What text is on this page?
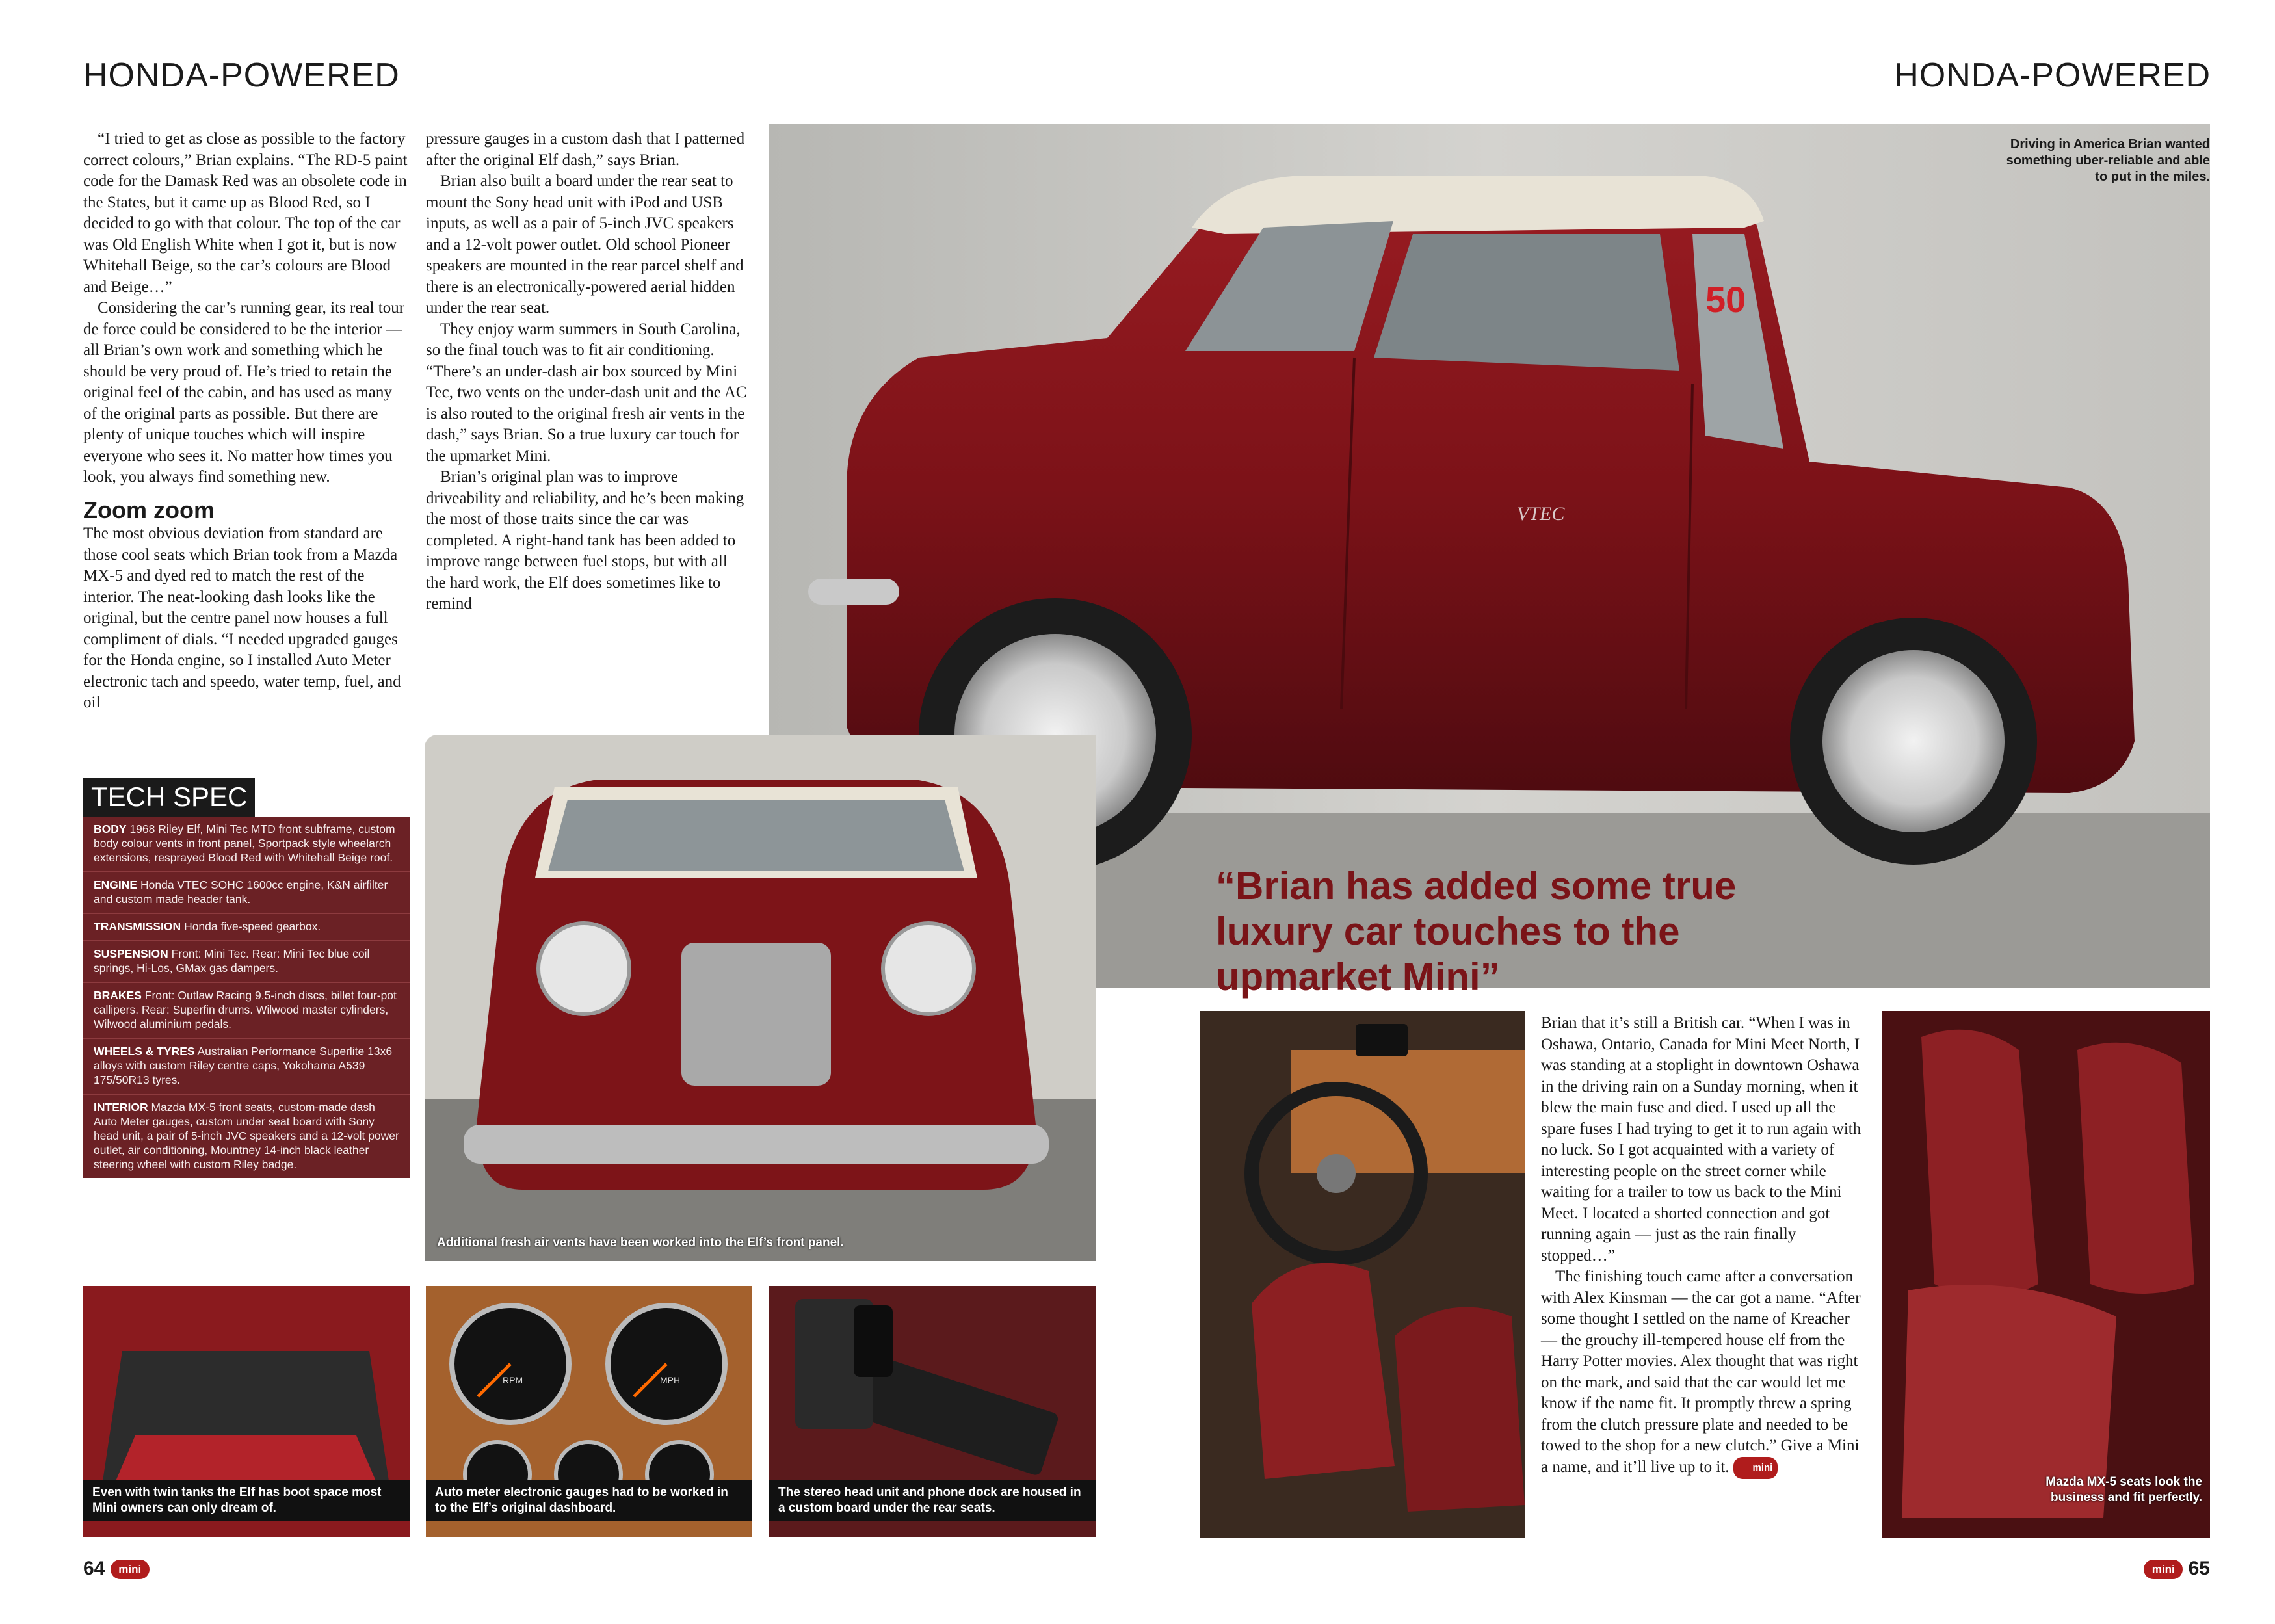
HONDA-POWERED	HONDA-POWERED

“I tried to get as close as possible to the factory correct colours,” Brian explains. “The RD-5 paint code for the Damask Red was an obsolete code in the States, but it came up as Blood Red, so I decided to go with that colour. The top of the car was Old English White when I got it, but is now Whitehall Beige, so the car’s colours are Blood and Beige…”

Considering the car’s running gear, its real tour de force could be considered to be the interior — all Brian’s own work and something which he should be very proud of. He’s tried to retain the original feel of the cabin, and has used as many of the original parts as possible. But there are plenty of unique touches which will inspire everyone who sees it. No matter how times you look, you always find something new.

Zoom zoom

The most obvious deviation from standard are those cool seats which Brian took from a Mazda MX-5 and dyed red to match the rest of the interior. The neat-looking dash looks like the original, but the centre panel now houses a full compliment of dials. “I needed upgraded gauges for the Honda engine, so I installed Auto Meter electronic tach and speedo, water temp, fuel, and oil

pressure gauges in a custom dash that I patterned after the original Elf dash,” says Brian.

Brian also built a board under the rear seat to mount the Sony head unit with iPod and USB inputs, as well as a pair of 5-inch JVC speakers and a 12-volt power outlet. Old school Pioneer speakers are mounted in the rear parcel shelf and there is an electronically-powered aerial hidden under the rear seat.

They enjoy warm summers in South Carolina, so the final touch was to fit air conditioning. “There’s an under-dash air box sourced by Mini Tec, two vents on the under-dash unit and the AC is also routed to the original fresh air vents in the dash,” says Brian. So a true luxury car touch for the upmarket Mini.

Brian’s original plan was to improve driveability and reliability, and he’s been making the most of those traits since the car was completed. A right-hand tank has been added to improve range between fuel stops, but with all the hard work, the Elf does sometimes like to remind

VTEC
50
Driving in America Brian wanted something uber-reliable and able to put in the miles.
“Brian has added some true luxury car touches to the upmarket Mini”
Additional fresh air vents have been worked into the Elf’s front panel.
TECH SPEC
BODY 1968 Riley Elf, Mini Tec MTD front subframe, custom body colour vents in front panel, Sportpack style wheelarch extensions, resprayed Blood Red with Whitehall Beige roof.
ENGINE Honda VTEC SOHC 1600cc engine, K&N airfilter and custom made header tank.
TRANSMISSION Honda five-speed gearbox.
SUSPENSION Front: Mini Tec. Rear: Mini Tec blue coil springs, Hi-Los, GMax gas dampers.
BRAKES Front: Outlaw Racing 9.5-inch discs, billet four-pot callipers. Rear: Superfin drums. Wilwood master cylinders, Wilwood aluminium pedals.
WHEELS & TYRES Australian Performance Superlite 13x6 alloys with custom Riley centre caps, Yokohama A539 175/50R13 tyres.
INTERIOR Mazda MX-5 front seats, custom-made dash Auto Meter gauges, custom under seat board with Sony head unit, a pair of 5-inch JVC speakers and a 12-volt power outlet, air conditioning, Mountney 14-inch black leather steering wheel with custom Riley badge.
Even with twin tanks the Elf has boot space most Mini owners can only dream of.
RPM	MPH
Auto meter electronic gauges had to be worked in to the Elf’s original dashboard.
The stereo head unit and phone dock are housed in a custom board under the rear seats.

Brian that it’s still a British car. “When I was in Oshawa, Ontario, Canada for Mini Meet North, I was standing at a stoplight in downtown Oshawa in the driving rain on a Sunday morning, when it blew the main fuse and died. I used up all the spare fuses I had trying to get it to run again with no luck. So I got acquainted with a variety of interesting people on the street corner while waiting for a trailer to tow us back to the Mini Meet. I located a shorted connection and got running again — just as the rain finally stopped…”

The finishing touch came after a conversation with Alex Kinsman — the car got a name. “After some thought I settled on the name of Kreacher — the grouchy ill-tempered house elf from the Harry Potter movies. Alex thought that was right on the mark, and said that the car would let me know if the name fit. It promptly threw a spring from the clutch pressure plate and needed to be towed to the shop for a new clutch.” Give a Mini a name, and it’ll live up to it. mini

Mazda MX-5 seats look the business and fit perfectly.
64 mini	mini 65
